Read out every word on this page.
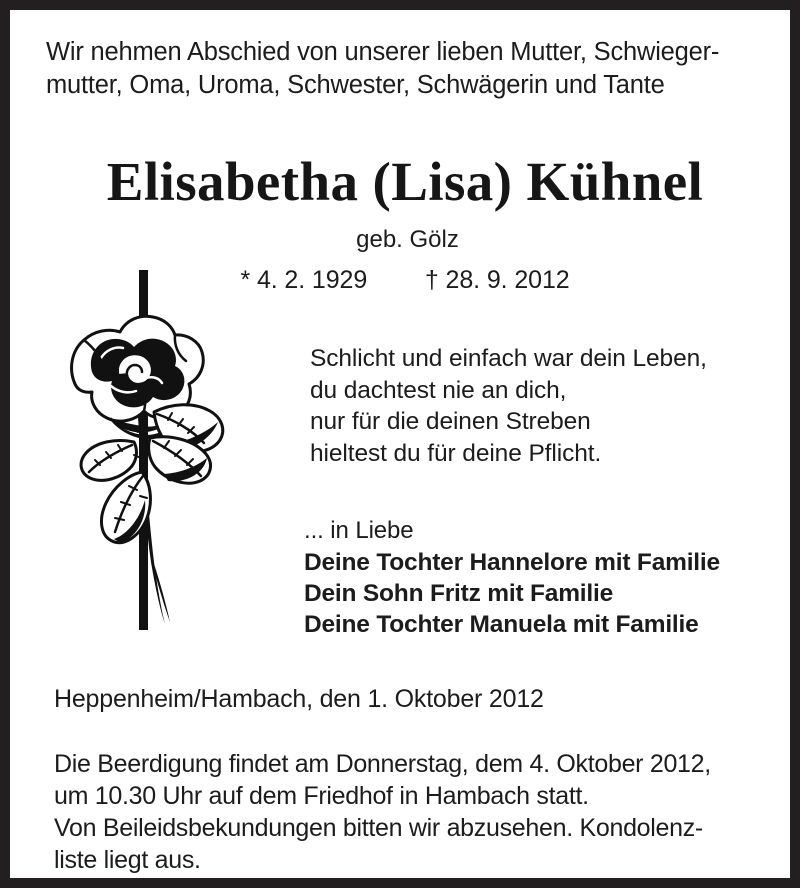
Wir nehmen Abschied von unserer lieben Mutter, Schwieger-
mutter, Oma, Uroma, Schwester, Schwägerin und Tante
Elisabetha (Lisa) Kühnel
geb. Gölz
* 4. 2. 1929 † 28. 9. 2012
Schlicht und einfach war dein Leben,
du dachtest nie an dich,
nur für die deinen Streben
hieltest du für deine Pflicht.
... in Liebe
Deine Tochter Hannelore mit Familie
Dein Sohn Fritz mit Familie
Deine Tochter Manuela mit Familie
Heppenheim/Hambach, den 1. Oktober 2012
Die Beerdigung findet am Donnerstag, dem 4. Oktober 2012,
um 10.30 Uhr auf dem Friedhof in Hambach statt.
Von Beileidsbekundungen bitten wir abzusehen. Kondolenz-
liste liegt aus.
